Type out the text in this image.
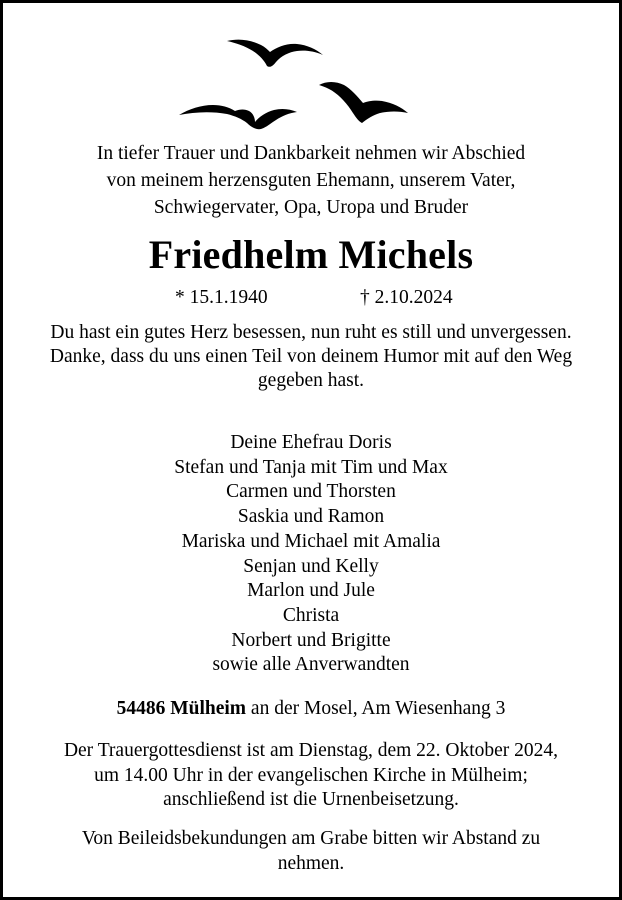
In tiefer Trauer und Dankbarkeit nehmen wir Abschied
von meinem herzensguten Ehemann, unserem Vater,
Schwiegervater, Opa, Uropa und Bruder
Friedhelm Michels
* 15.1.1940	† 2.10.2024
Du hast ein gutes Herz besessen, nun ruht es still und unvergessen.
Danke, dass du uns einen Teil von deinem Humor mit auf den Weg gegeben hast.
Deine Ehefrau Doris
Stefan und Tanja mit Tim und Max
Carmen und Thorsten
Saskia und Ramon
Mariska und Michael mit Amalia
Senjan und Kelly
Marlon und Jule
Christa
Norbert und Brigitte
sowie alle Anverwandten
54486 Mülheim an der Mosel, Am Wiesenhang 3
Der Trauergottesdienst ist am Dienstag, dem 22. Oktober 2024,
um 14.00 Uhr in der evangelischen Kirche in Mülheim;
anschließend ist die Urnenbeisetzung.
Von Beileidsbekundungen am Grabe bitten wir Abstand zu
nehmen.
